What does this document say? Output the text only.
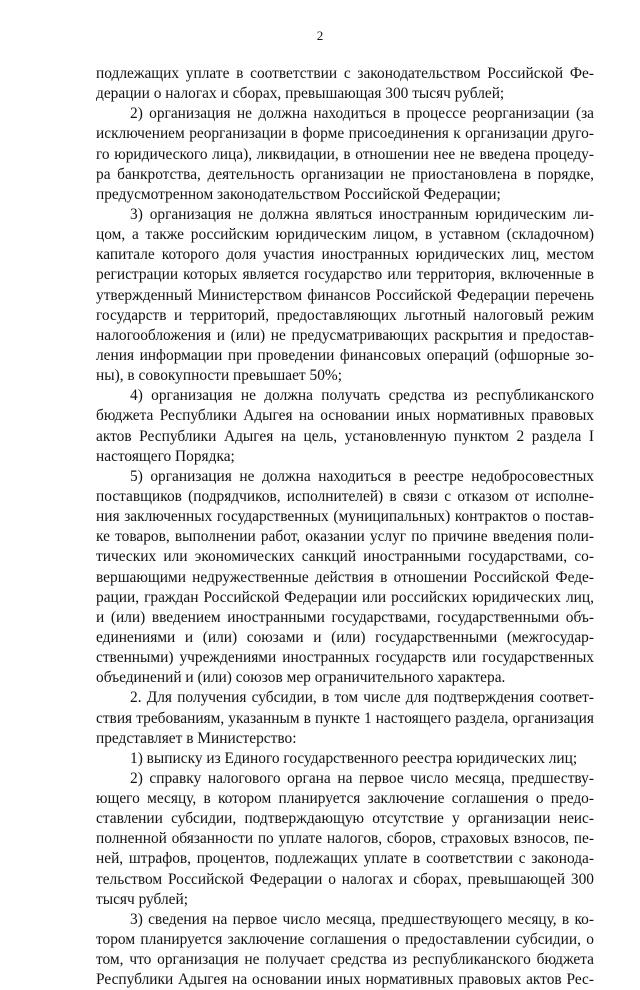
2
подлежащих уплате в соответствии с законодательством Российской Фе-
дерации о налогах и сборах, превышающая 300 тысяч рублей;
2) организация не должна находиться в процессе реорганизации (за
исключением реорганизации в форме присоединения к организации друго-
го юридического лица), ликвидации, в отношении нее не введена процеду-
ра банкротства, деятельность организации не приостановлена в порядке,
предусмотренном законодательством Российской Федерации;
3) организация не должна являться иностранным юридическим ли-
цом, а также российским юридическим лицом, в уставном (складочном)
капитале которого доля участия иностранных юридических лиц, местом
регистрации которых является государство или территория, включенные в
утвержденный Министерством финансов Российской Федерации перечень
государств и территорий, предоставляющих льготный налоговый режим
налогообложения и (или) не предусматривающих раскрытия и предостав-
ления информации при проведении финансовых операций (офшорные зо-
ны), в совокупности превышает 50%;
4) организация не должна получать средства из республиканского
бюджета Республики Адыгея на основании иных нормативных правовых
актов Республики Адыгея на цель, установленную пунктом 2 раздела I
настоящего Порядка;
5) организация не должна находиться в реестре недобросовестных
поставщиков (подрядчиков, исполнителей) в связи с отказом от исполне-
ния заключенных государственных (муниципальных) контрактов о постав-
ке товаров, выполнении работ, оказании услуг по причине введения поли-
тических или экономических санкций иностранными государствами, со-
вершающими недружественные действия в отношении Российской Феде-
рации, граждан Российской Федерации или российских юридических лиц,
и (или) введением иностранными государствами, государственными объ-
единениями и (или) союзами и (или) государственными (межгосудар-
ственными) учреждениями иностранных государств или государственных
объединений и (или) союзов мер ограничительного характера.
2. Для получения субсидии, в том числе для подтверждения соответ-
ствия требованиям, указанным в пункте 1 настоящего раздела, организация
представляет в Министерство:
1) выписку из Единого государственного реестра юридических лиц;
2) справку налогового органа на первое число месяца, предшеству-
ющего месяцу, в котором планируется заключение соглашения о предо-
ставлении субсидии, подтверждающую отсутствие у организации неис-
полненной обязанности по уплате налогов, сборов, страховых взносов, пе-
ней, штрафов, процентов, подлежащих уплате в соответствии с законода-
тельством Российской Федерации о налогах и сборах, превышающей 300
тысяч рублей;
3) сведения на первое число месяца, предшествующего месяцу, в ко-
тором планируется заключение соглашения о предоставлении субсидии, о
том, что организация не получает средства из республиканского бюджета
Республики Адыгея на основании иных нормативных правовых актов Рес-
